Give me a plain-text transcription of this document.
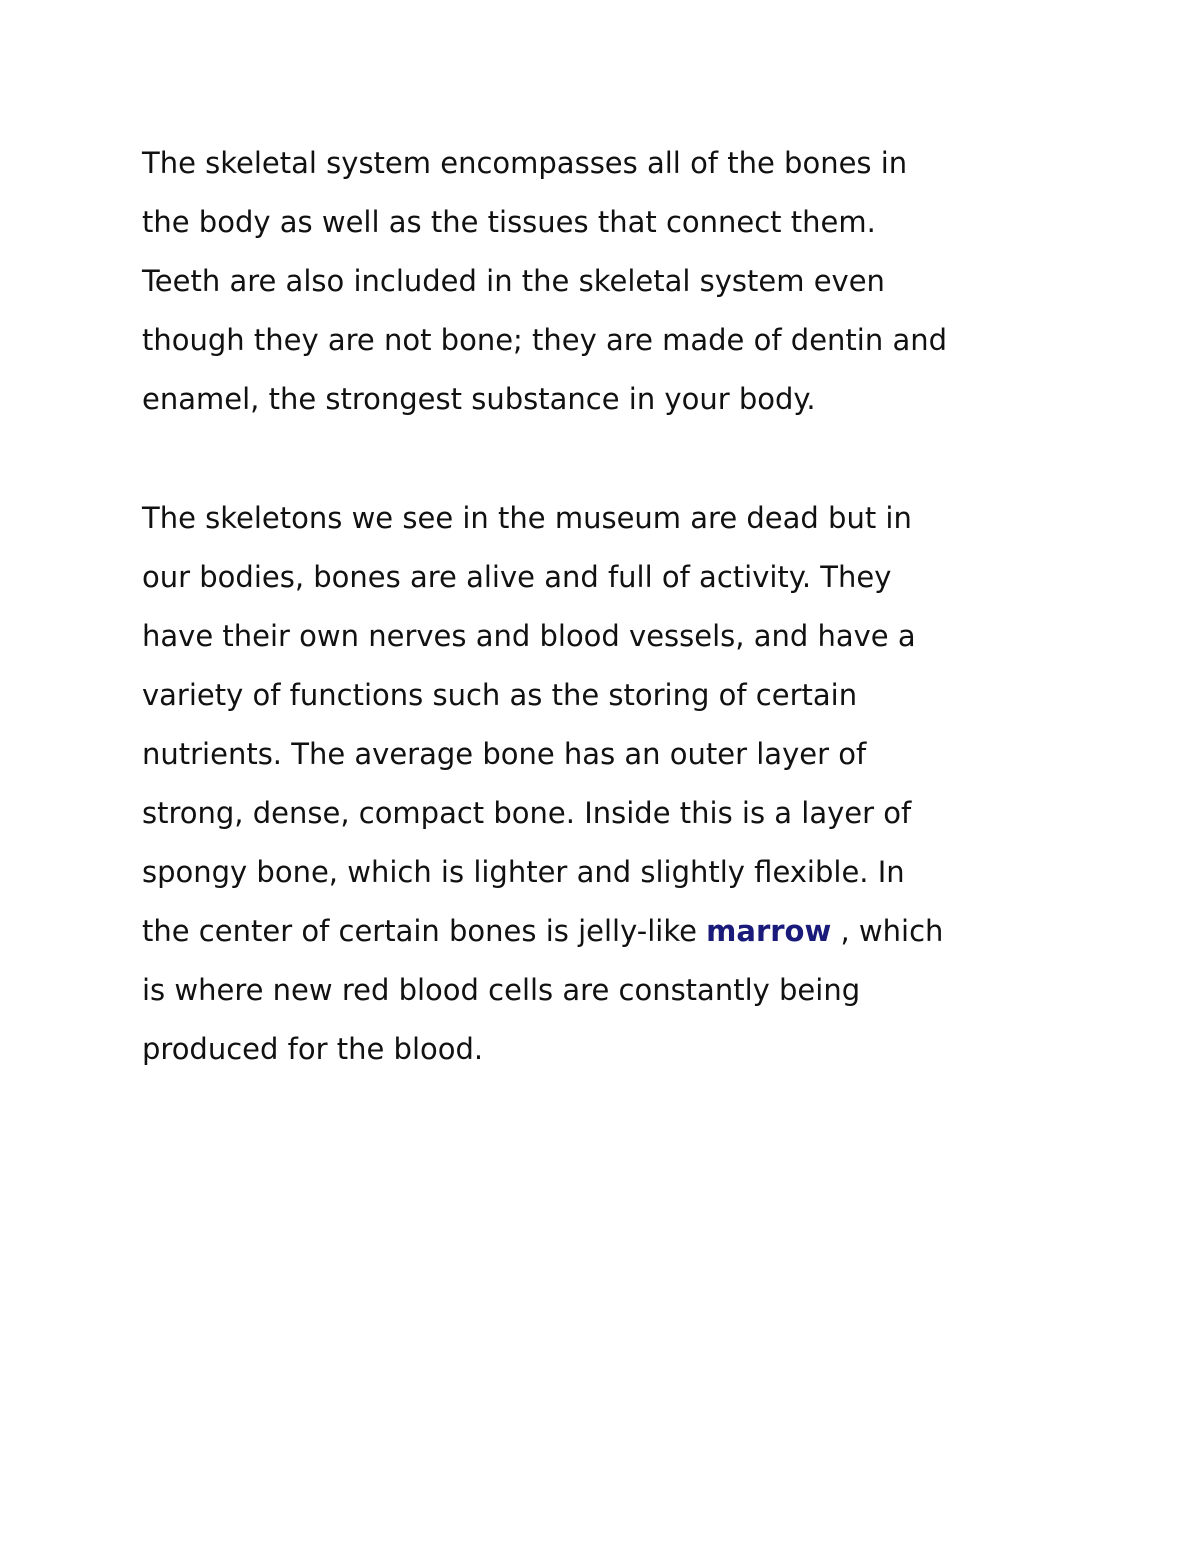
The skeletal system encompasses all of the bones in
the body as well as the tissues that connect them.
Teeth are also included in the skeletal system even
though they are not bone; they are made of dentin and
enamel, the strongest substance in your body.
The skeletons we see in the museum are dead but in
our bodies, bones are alive and full of activity. They
have their own nerves and blood vessels, and have a
variety of functions such as the storing of certain
nutrients. The average bone has an outer layer of
strong, dense, compact bone. Inside this is a layer of
spongy bone, which is lighter and slightly flexible. In
the center of certain bones is jelly-like marrow , which
is where new red blood cells are constantly being
produced for the blood.
